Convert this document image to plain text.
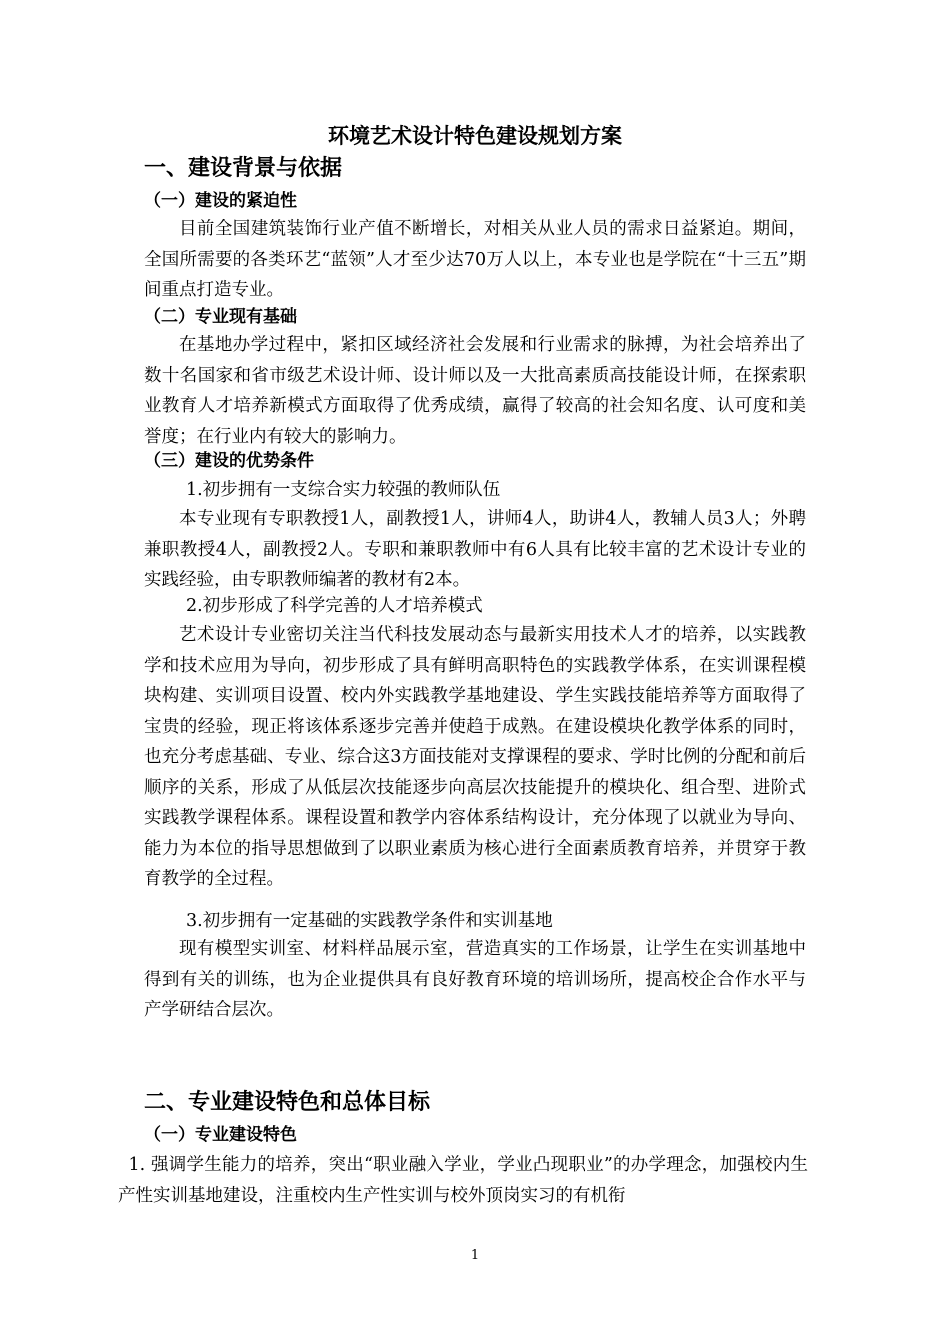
环境艺术设计特色建设规划方案
一、建设背景与依据
（一）建设的紧迫性

目前全国建筑装饰行业产值不断增长，对相关从业人员的需求日益紧迫。期间，全国所需要的各类环艺“蓝领”人才至少达70万人以上，本专业也是学院在“十三五”期间重点打造专业。

（二）专业现有基础

在基地办学过程中，紧扣区域经济社会发展和行业需求的脉搏，为社会培养出了数十名国家和省市级艺术设计师、设计师以及一大批高素质高技能设计师，在探索职业教育人才培养新模式方面取得了优秀成绩，赢得了较高的社会知名度、认可度和美誉度；在行业内有较大的影响力。

（三）建设的优势条件
1.初步拥有一支综合实力较强的教师队伍

本专业现有专职教授1人，副教授1人，讲师4人，助讲4人，教辅人员3人；外聘兼职教授4人，副教授2人。专职和兼职教师中有6人具有比较丰富的艺术设计专业的实践经验，由专职教师编著的教材有2本。

2.初步形成了科学完善的人才培养模式

艺术设计专业密切关注当代科技发展动态与最新实用技术人才的培养，以实践教学和技术应用为导向，初步形成了具有鲜明高职特色的实践教学体系，在实训课程模块构建、实训项目设置、校内外实践教学基地建设、学生实践技能培养等方面取得了宝贵的经验，现正将该体系逐步完善并使趋于成熟。在建设模块化教学体系的同时，也充分考虑基础、专业、综合这3方面技能对支撑课程的要求、学时比例的分配和前后顺序的关系，形成了从低层次技能逐步向高层次技能提升的模块化、组合型、进阶式实践教学课程体系。课程设置和教学内容体系结构设计，充分体现了以就业为导向、能力为本位的指导思想做到了以职业素质为核心进行全面素质教育培养，并贯穿于教育教学的全过程。

3.初步拥有一定基础的实践教学条件和实训基地

现有模型实训室、材料样品展示室，营造真实的工作场景，让学生在实训基地中得到有关的训练，也为企业提供具有良好教育环境的培训场所，提高校企合作水平与产学研结合层次。

二、专业建设特色和总体目标
（一）专业建设特色

1. 强调学生能力的培养，突出“职业融入学业，学业凸现职业”的办学理念，加强校内生产性实训基地建设，注重校内生产性实训与校外顶岗实习的有机衔

1
